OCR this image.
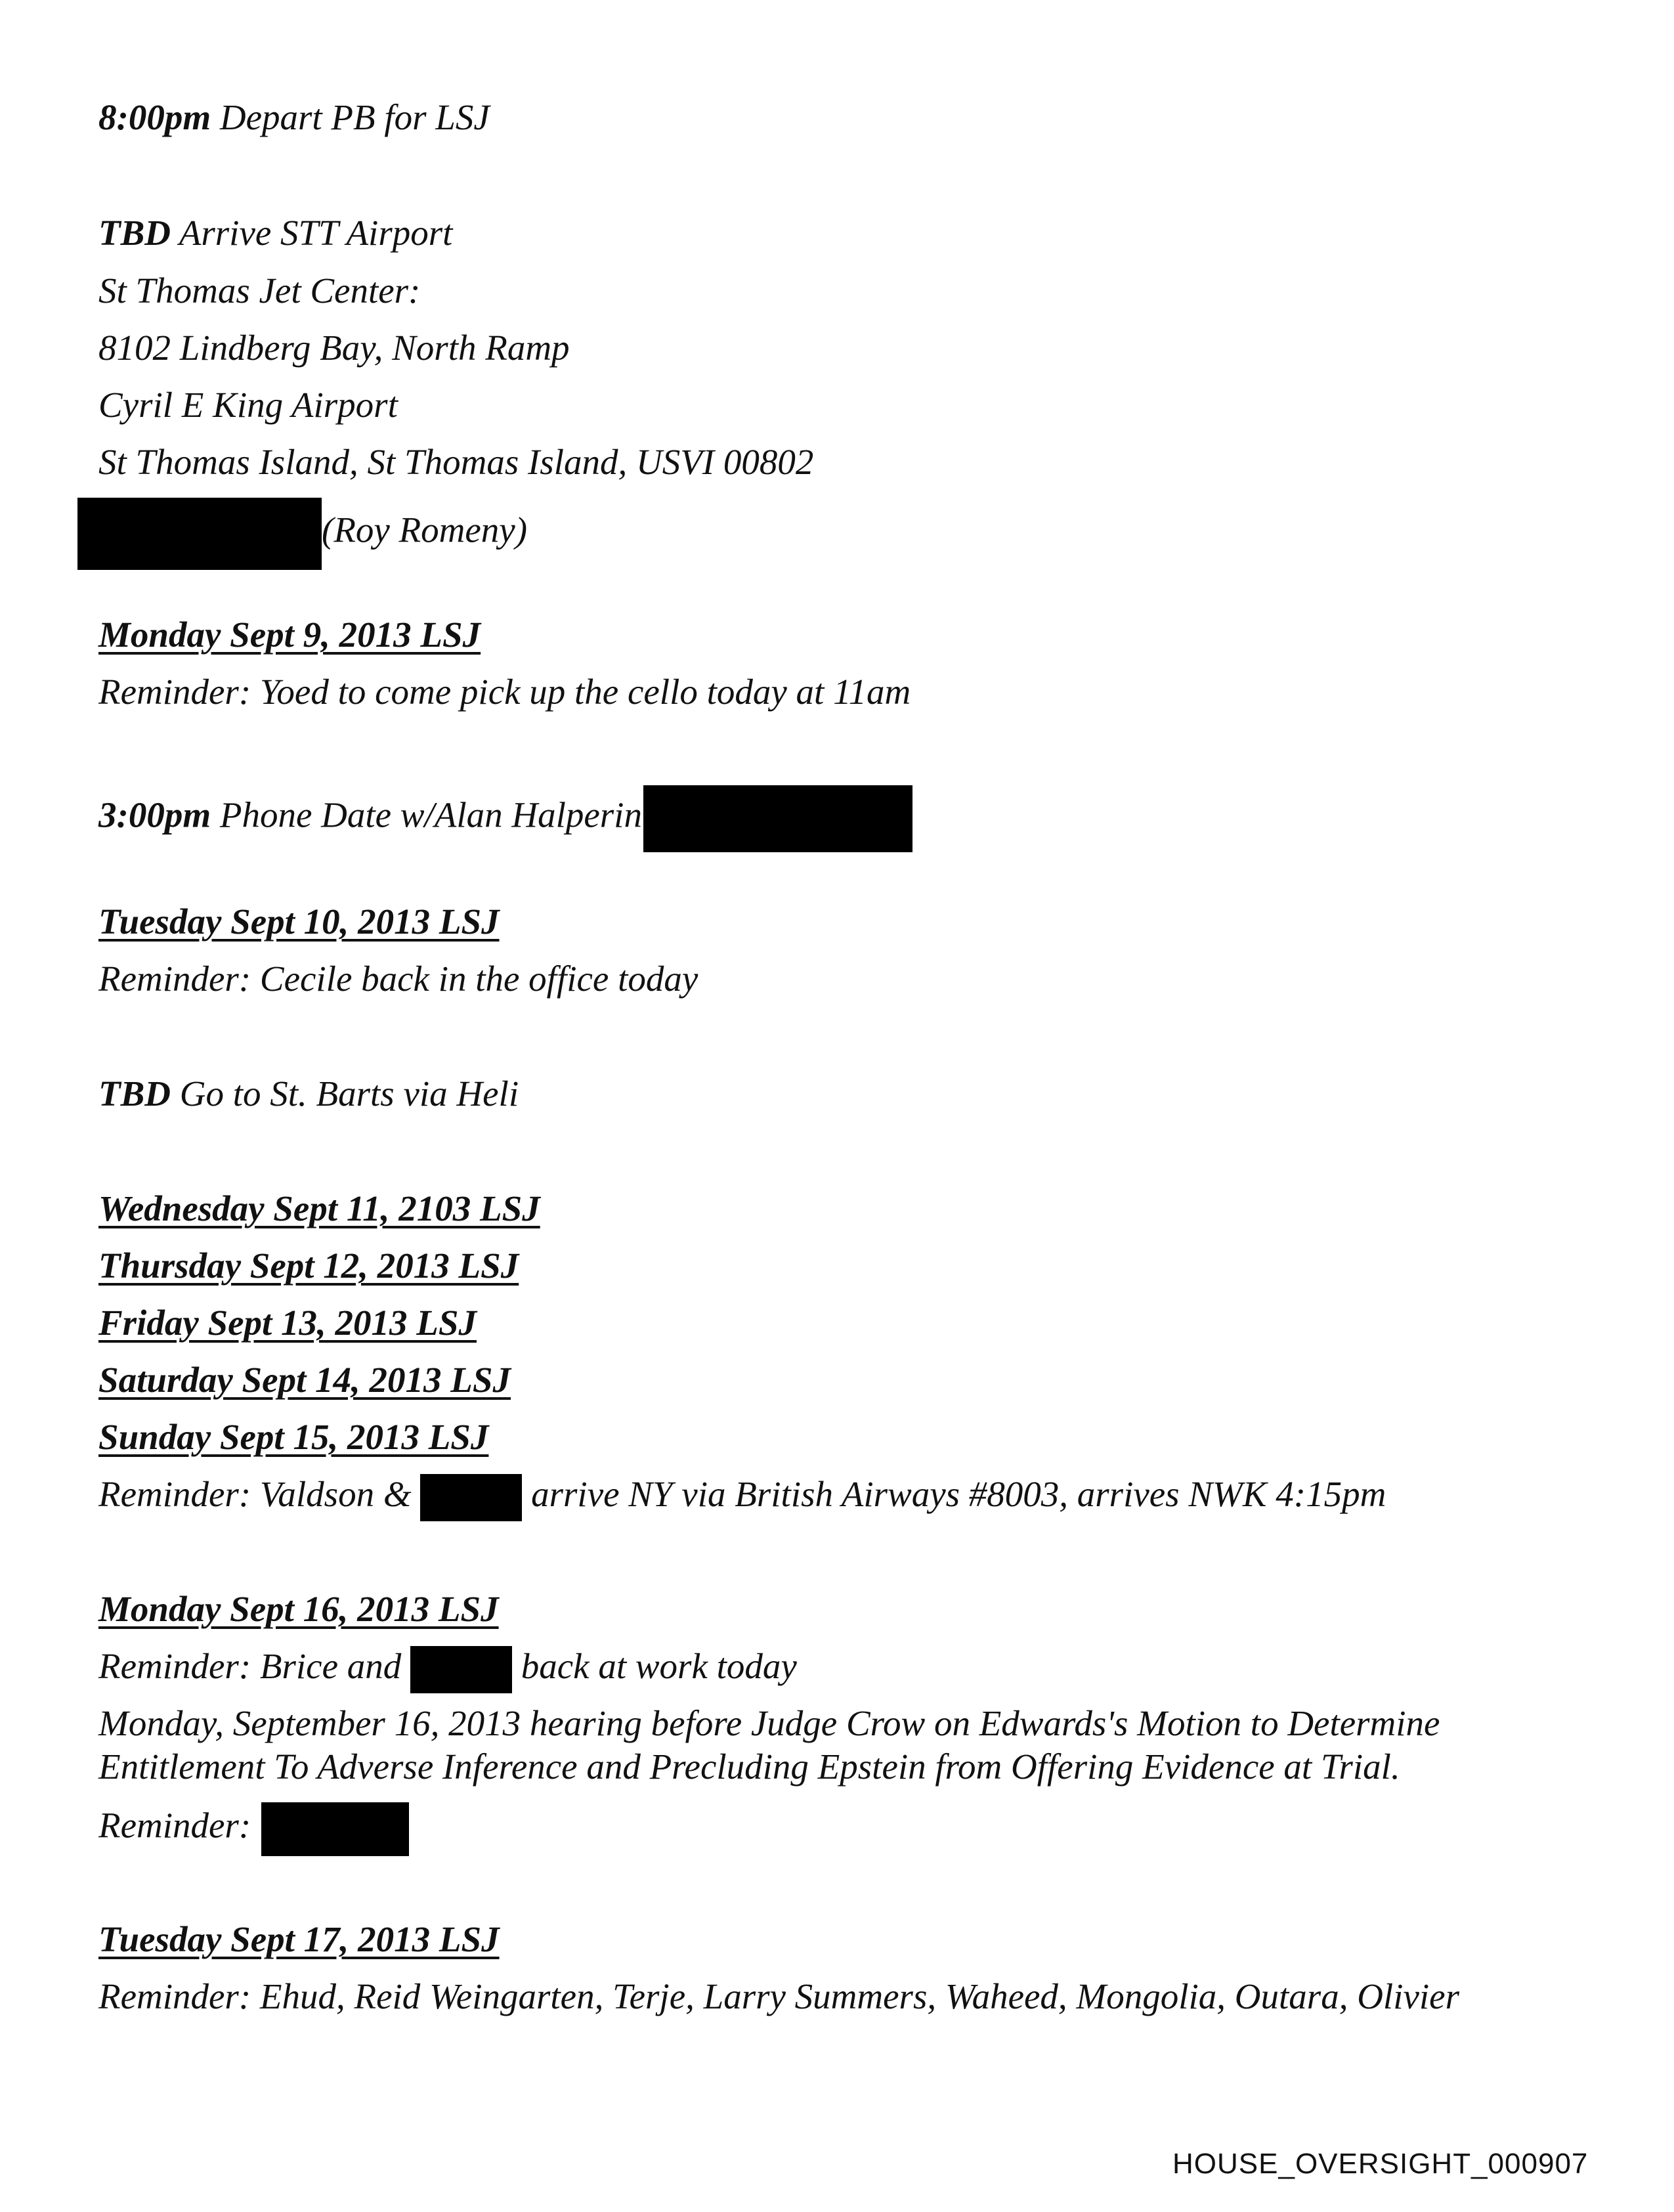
8:00pm Depart PB for LSJ
TBD Arrive STT Airport
St Thomas Jet Center:
8102 Lindberg Bay, North Ramp
Cyril E King Airport
St Thomas Island, St Thomas Island, USVI 00802
(Roy Romeny)
Monday Sept 9, 2013 LSJ
Reminder: Yoed to come pick up the cello today at 11am
3:00pm Phone Date w/Alan Halperin
Tuesday Sept 10, 2013 LSJ
Reminder: Cecile back in the office today
TBD Go to St. Barts via Heli
Wednesday Sept 11, 2103 LSJ
Thursday Sept 12, 2013 LSJ
Friday Sept 13, 2013 LSJ
Saturday Sept 14, 2013 LSJ
Sunday Sept 15, 2013 LSJ
Reminder: Valdson &	arrive NY via British Airways #8003, arrives NWK 4:15pm
Monday Sept 16, 2013 LSJ
Reminder: Brice and	back at work today
Monday, September 16, 2013 hearing before Judge Crow on Edwards's Motion to Determine
Entitlement To Adverse Inference and Precluding Epstein from Offering Evidence at Trial.
Reminder:
Tuesday Sept 17, 2013 LSJ
Reminder: Ehud, Reid Weingarten, Terje, Larry Summers, Waheed, Mongolia, Outara, Olivier
HOUSE_OVERSIGHT_000907
